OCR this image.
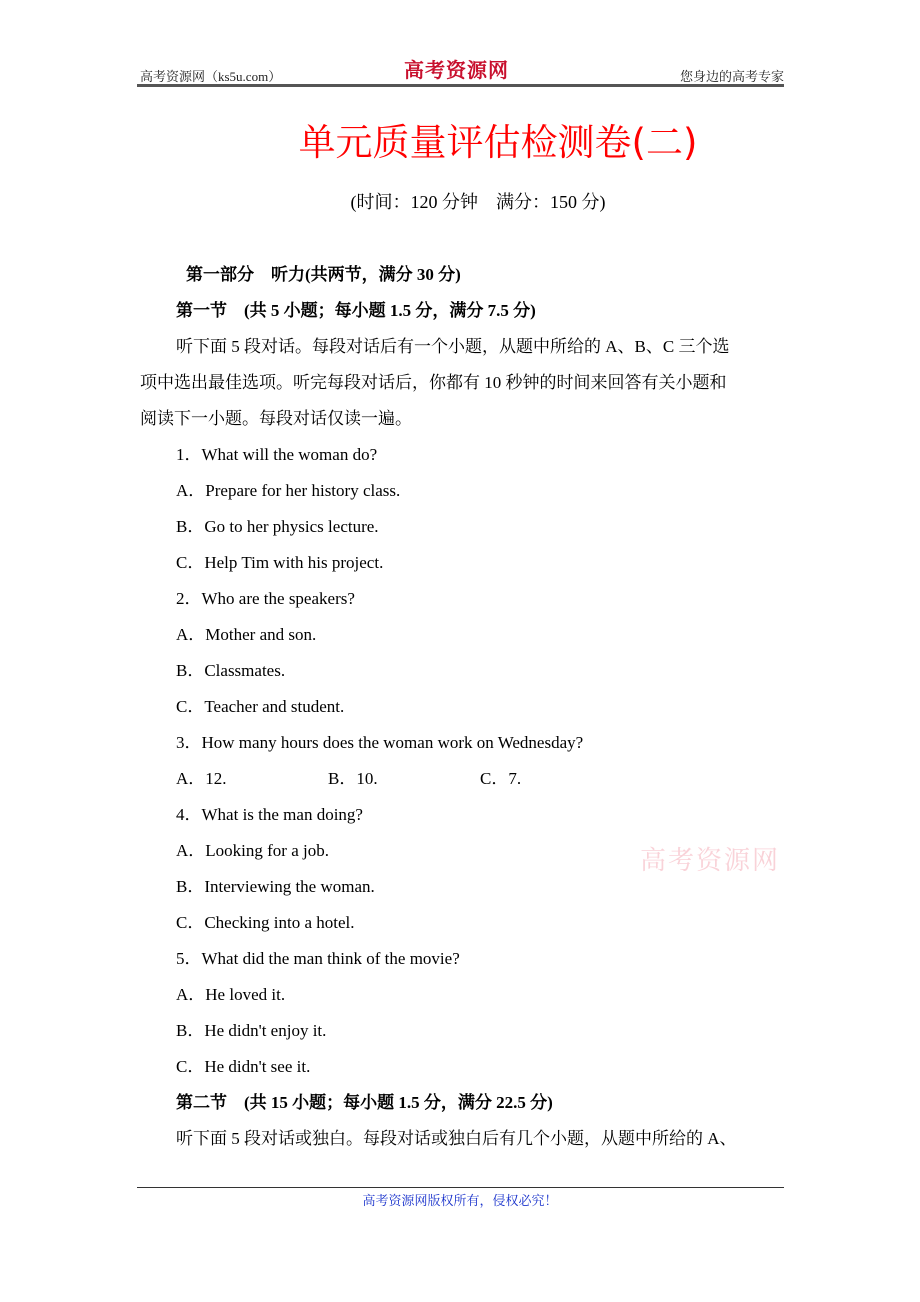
高考资源网（ks5u.com）	高考资源网	您身边的高考专家
单元质量评估检测卷(二)
(时间：120 分钟　满分：150 分)
第一部分　听力(共两节，满分 30 分)
第一节　(共 5 小题；每小题 1.5 分，满分 7.5 分)
听下面 5 段对话。每段对话后有一个小题，从题中所给的 A、B、C 三个选
项中选出最佳选项。听完每段对话后，你都有 10 秒钟的时间来回答有关小题和
阅读下一小题。每段对话仅读一遍。
1．What will the woman do?
A．Prepare for her history class.
B．Go to her physics lecture.
C．Help Tim with his project.
2．Who are the speakers?
A．Mother and son.
B．Classmates.
C．Teacher and student.
3．How many hours does the woman work on Wednesday?
A．12.	B．10.	C．7.
4．What is the man doing?
A．Looking for a job.
B．Interviewing the woman.
C．Checking into a hotel.
5．What did the man think of the movie?
A．He loved it.
B．He didn't enjoy it.
C．He didn't see it.
第二节　(共 15 小题；每小题 1.5 分，满分 22.5 分)
听下面 5 段对话或独白。每段对话或独白后有几个小题，从题中所给的 A、
高考资源网
高考资源网版权所有，侵权必究！
